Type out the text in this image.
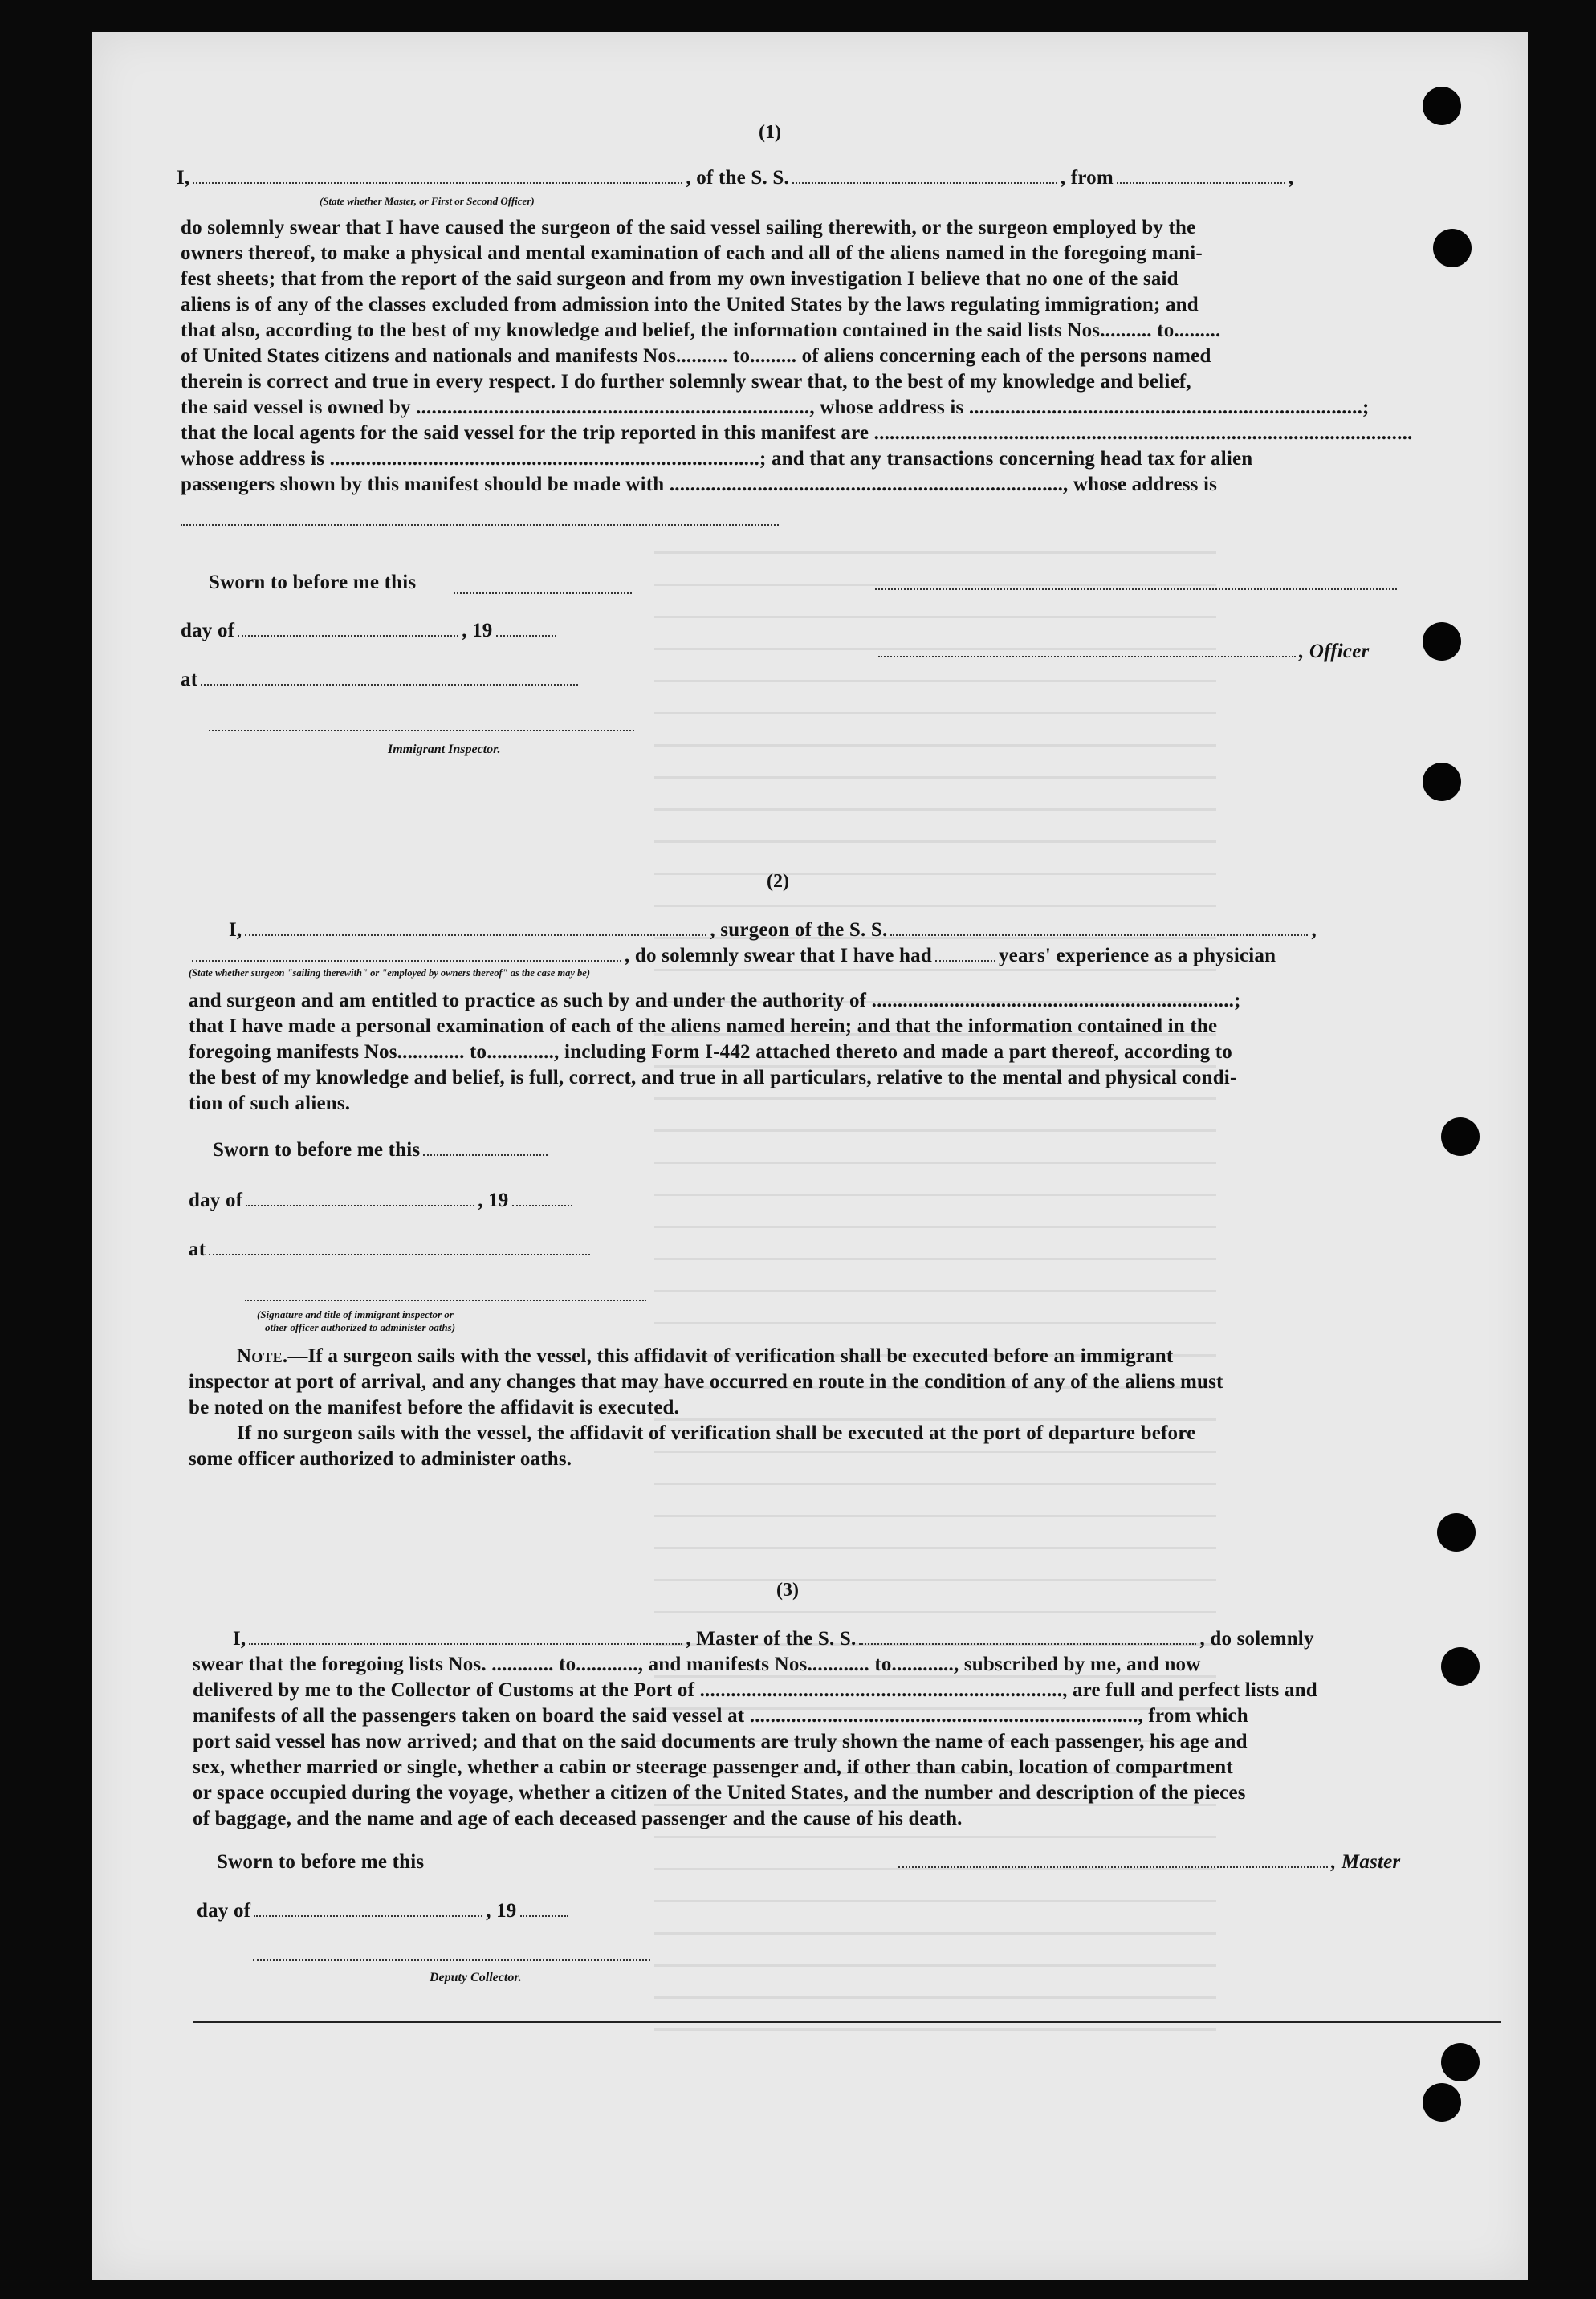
(1)
I,	, of the S. S.	, from	,
(State whether Master, or First or Second Officer)
do solemnly swear that I have caused the surgeon of the said vessel sailing therewith, or the surgeon employed by the
owners thereof, to make a physical and mental examination of each and all of the aliens named in the foregoing mani-
fest sheets; that from the report of the said surgeon and from my own investigation I believe that no one of the said
aliens is of any of the classes excluded from admission into the United States by the laws regulating immigration; and
that also, according to the best of my knowledge and belief, the information contained in the said lists Nos.......... to.........
of United States citizens and nationals and manifests Nos.......... to......... of aliens concerning each of the persons named
therein is correct and true in every respect. I do further solemnly swear that, to the best of my knowledge and belief,
the said vessel is owned by ............................................................................, whose address is ............................................................................;
that the local agents for the said vessel for the trip reported in this manifest are ........................................................................................................
whose address is ...................................................................................; and that any transactions concerning head tax for alien
passengers shown by this manifest should be made with ............................................................................, whose address is
Sworn to before me this
day of	, 19
, Officer
at
Immigrant Inspector.
(2)
I,	, surgeon of the S. S.	,
, do solemnly swear that I have had	years' experience as a physician
(State whether surgeon "sailing therewith" or "employed by owners thereof" as the case may be)
and surgeon and am entitled to practice as such by and under the authority of ......................................................................;
that I have made a personal examination of each of the aliens named herein; and that the information contained in the
foregoing manifests Nos............. to............., including Form I-442 attached thereto and made a part thereof, according to
the best of my knowledge and belief, is full, correct, and true in all particulars, relative to the mental and physical condi-
tion of such aliens.
Sworn to before me this
day of	, 19
at
(Signature and title of immigrant inspector or
other officer authorized to administer oaths)
Note.—If a surgeon sails with the vessel, this affidavit of verification shall be executed before an immigrant
inspector at port of arrival, and any changes that may have occurred en route in the condition of any of the aliens must
be noted on the manifest before the affidavit is executed.
If no surgeon sails with the vessel, the affidavit of verification shall be executed at the port of departure before
some officer authorized to administer oaths.
(3)
I,	, Master of the S. S.	, do solemnly
swear that the foregoing lists Nos. ............ to............, and manifests Nos............ to............, subscribed by me, and now
delivered by me to the Collector of Customs at the Port of ......................................................................, are full and perfect lists and
manifests of all the passengers taken on board the said vessel at ..........................................................................., from which
port said vessel has now arrived; and that on the said documents are truly shown the name of each passenger, his age and
sex, whether married or single, whether a cabin or steerage passenger and, if other than cabin, location of compartment
or space occupied during the voyage, whether a citizen of the United States, and the number and description of the pieces
of baggage, and the name and age of each deceased passenger and the cause of his death.
Sworn to before me this	, Master
day of	, 19
Deputy Collector.
